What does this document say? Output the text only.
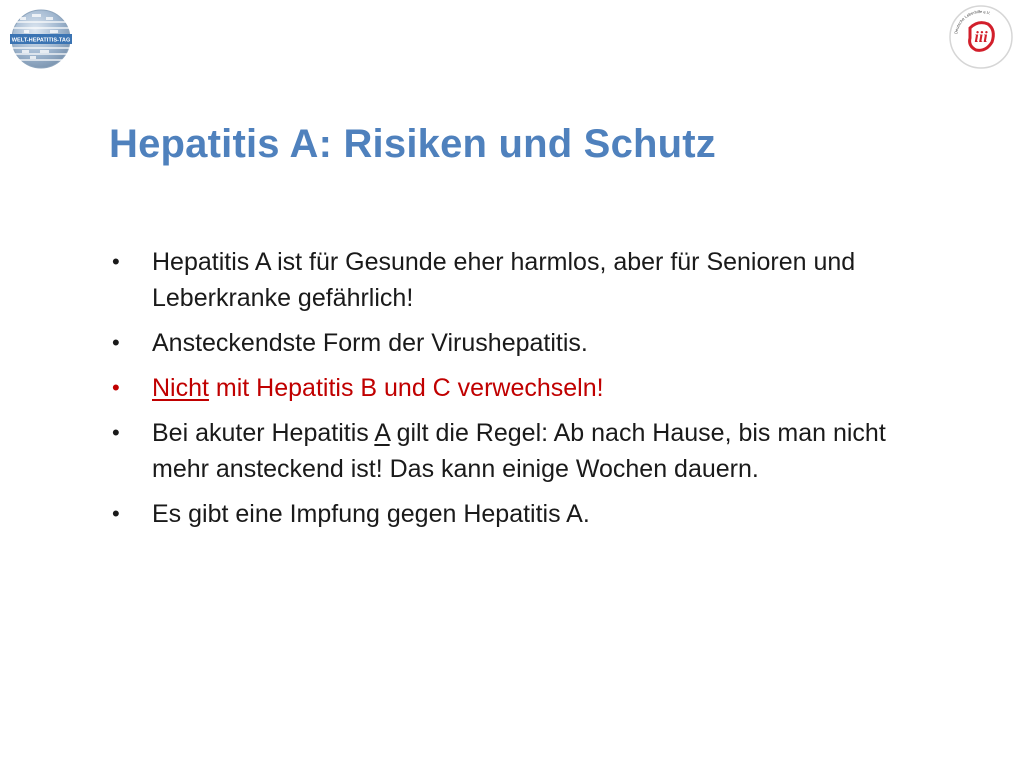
WELT-HEPATITIS-TAG
Deutsche Leberhilfe e.V.
iii
Hepatitis A: Risiken und Schutz
• Hepatitis A ist für Gesunde eher harmlos, aber für Senioren und Leberkranke gefährlich!
• Ansteckendste Form der Virushepatitis.
• Nicht mit Hepatitis B und C verwechseln!
• Bei akuter Hepatitis A gilt die Regel: Ab nach Hause, bis man nicht mehr ansteckend ist! Das kann einige Wochen dauern.
• Es gibt eine Impfung gegen Hepatitis A.
